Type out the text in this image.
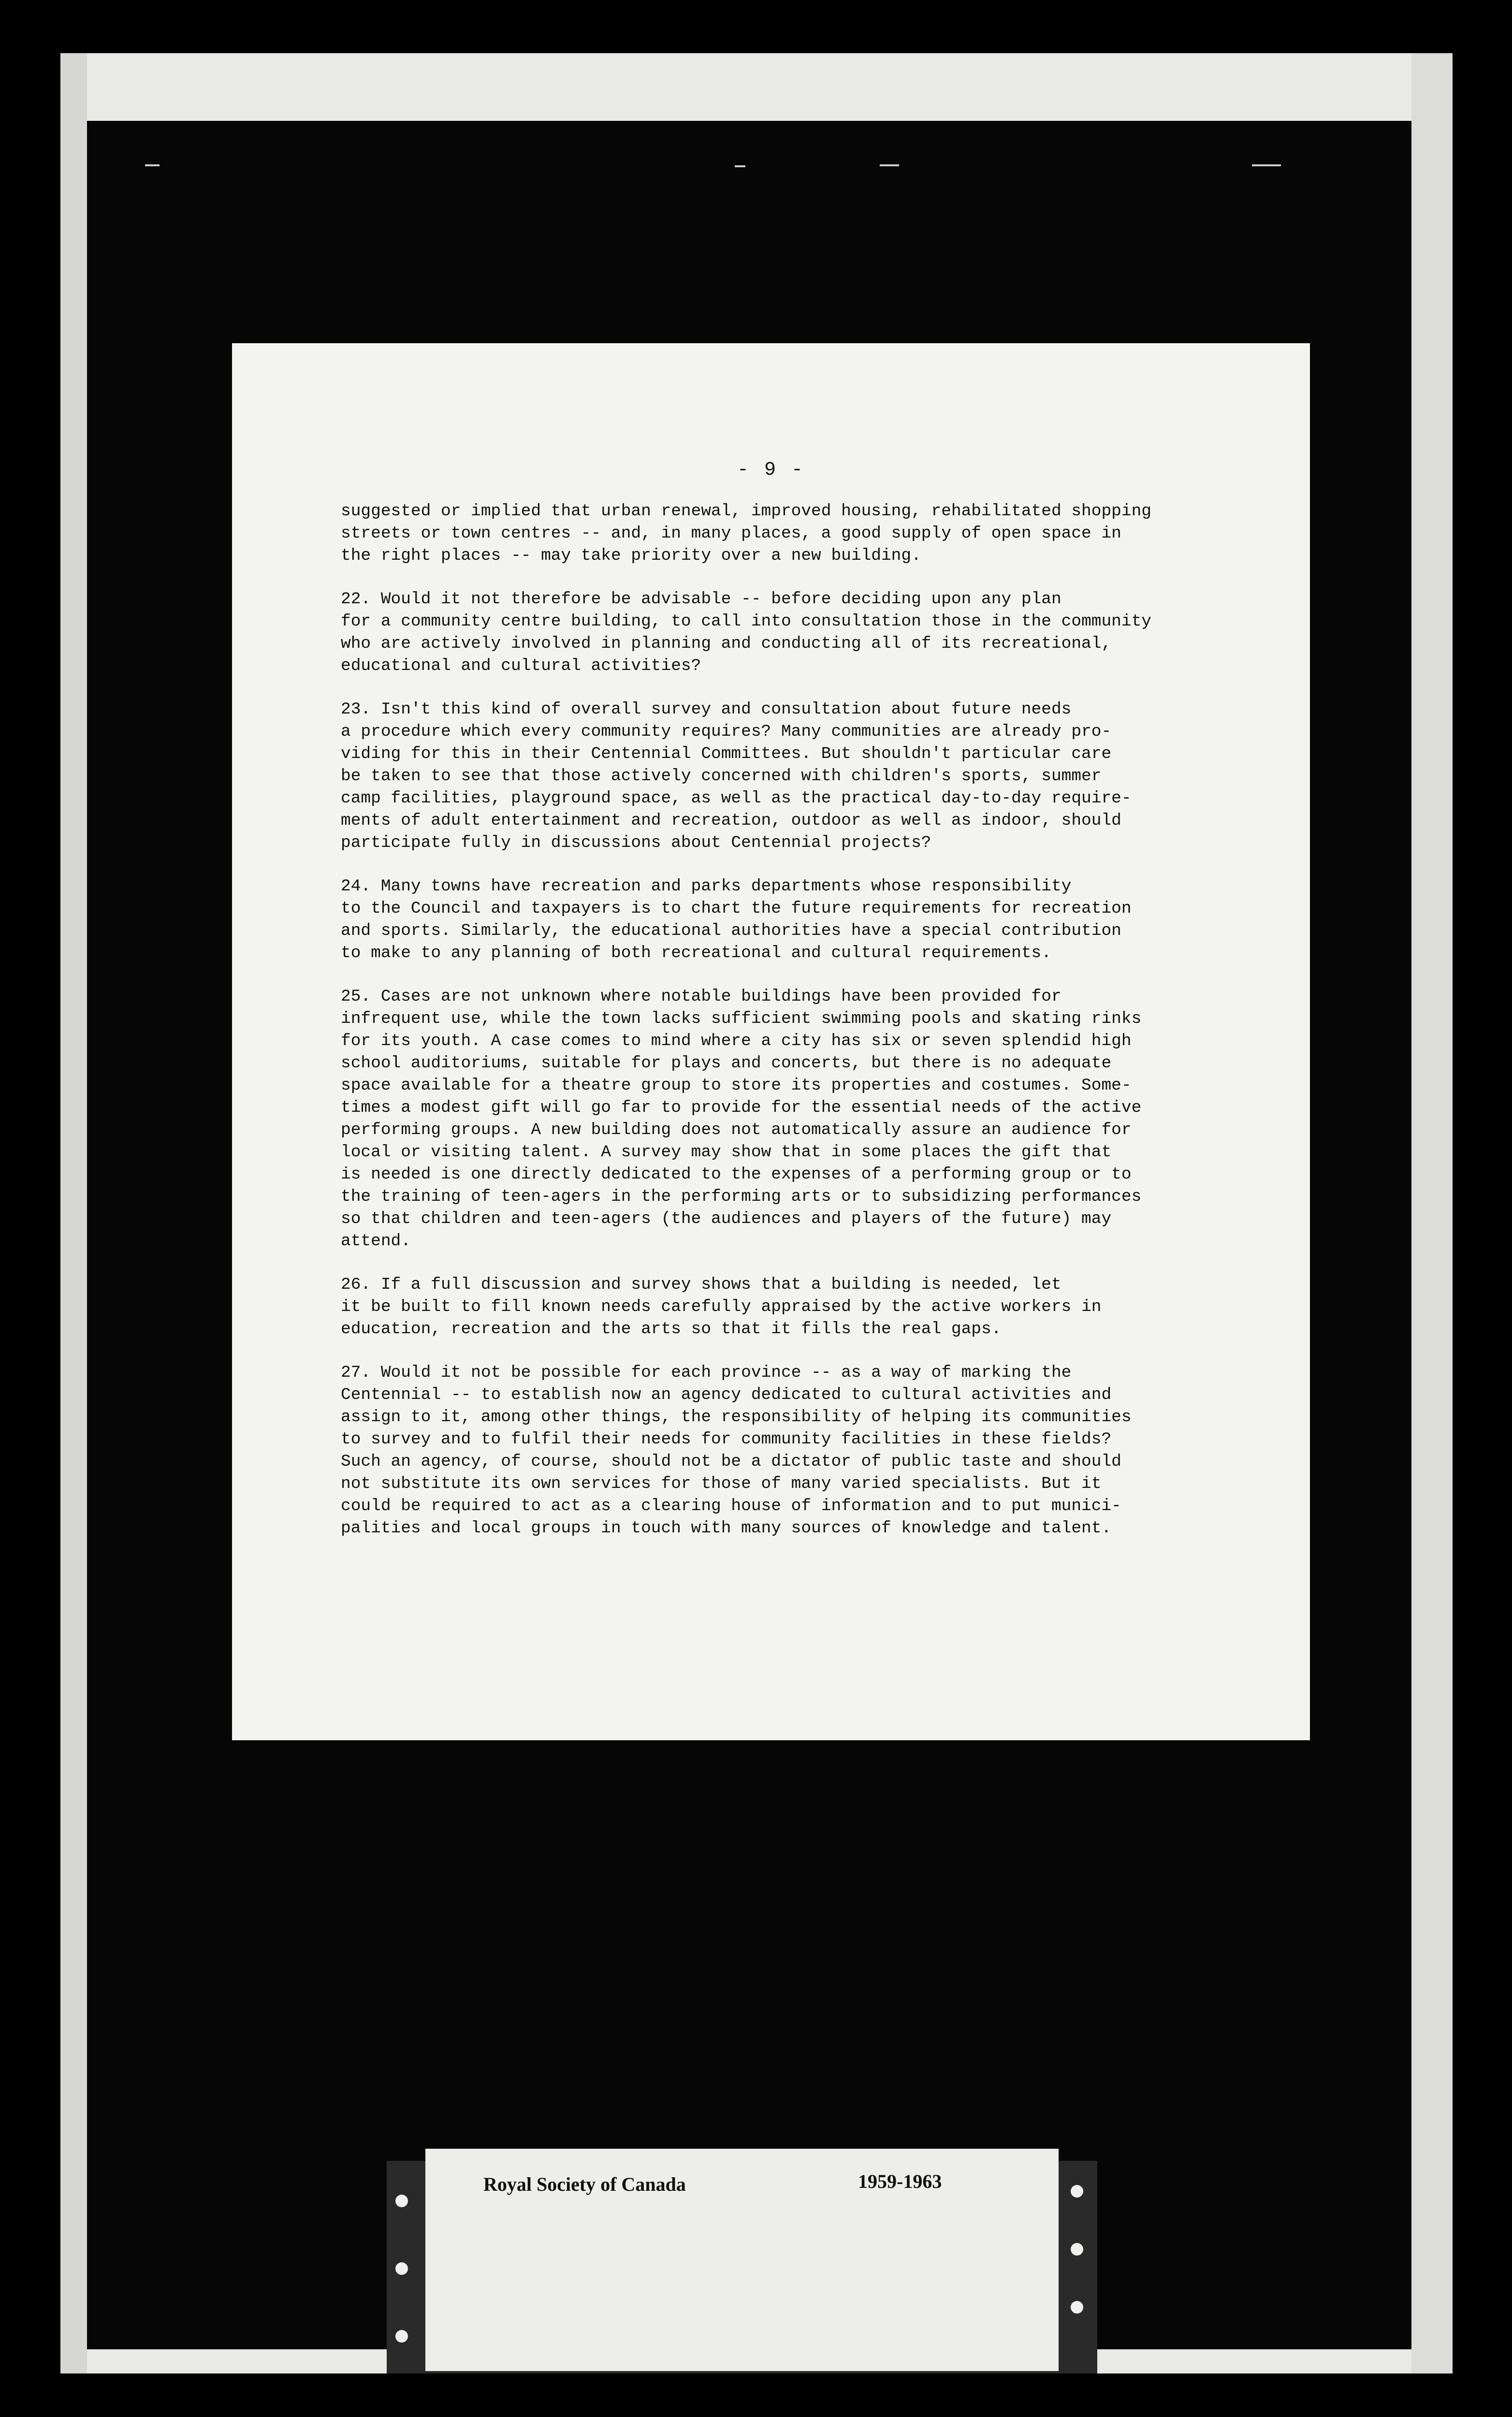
- 9 -

suggested or implied that urban renewal, improved housing, rehabilitated shopping
streets or town centres -- and, in many places, a good supply of open space in
the right places -- may take priority over a new building.

22. Would it not therefore be advisable -- before deciding upon any plan
for a community centre building, to call into consultation those in the community
who are actively involved in planning and conducting all of its recreational,
educational and cultural activities?

23. Isn't this kind of overall survey and consultation about future needs
a procedure which every community requires? Many communities are already pro-
viding for this in their Centennial Committees. But shouldn't particular care
be taken to see that those actively concerned with children's sports, summer
camp facilities, playground space, as well as the practical day-to-day require-
ments of adult entertainment and recreation, outdoor as well as indoor, should
participate fully in discussions about Centennial projects?

24. Many towns have recreation and parks departments whose responsibility
to the Council and taxpayers is to chart the future requirements for recreation
and sports. Similarly, the educational authorities have a special contribution
to make to any planning of both recreational and cultural requirements.

25. Cases are not unknown where notable buildings have been provided for
infrequent use, while the town lacks sufficient swimming pools and skating rinks
for its youth. A case comes to mind where a city has six or seven splendid high
school auditoriums, suitable for plays and concerts, but there is no adequate
space available for a theatre group to store its properties and costumes. Some-
times a modest gift will go far to provide for the essential needs of the active
performing groups. A new building does not automatically assure an audience for
local or visiting talent. A survey may show that in some places the gift that
is needed is one directly dedicated to the expenses of a performing group or to
the training of teen-agers in the performing arts or to subsidizing performances
so that children and teen-agers (the audiences and players of the future) may
attend.

26. If a full discussion and survey shows that a building is needed, let
it be built to fill known needs carefully appraised by the active workers in
education, recreation and the arts so that it fills the real gaps.

27. Would it not be possible for each province -- as a way of marking the
Centennial -- to establish now an agency dedicated to cultural activities and
assign to it, among other things, the responsibility of helping its communities
to survey and to fulfil their needs for community facilities in these fields?
Such an agency, of course, should not be a dictator of public taste and should
not substitute its own services for those of many varied specialists. But it
could be required to act as a clearing house of information and to put munici-
palities and local groups in touch with many sources of knowledge and talent.

Royal Society of Canada	1959-1963
